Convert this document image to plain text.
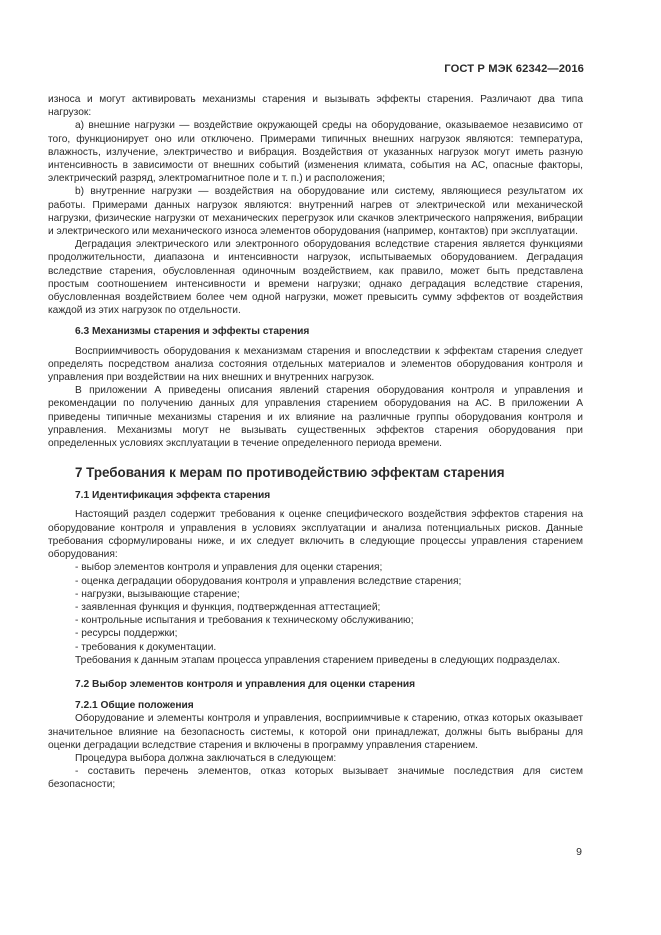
ГОСТ Р МЭК 62342—2016

износа и могут активировать механизмы старения и вызывать эффекты старения. Различают два типа нагрузок:

а) внешние нагрузки — воздействие окружающей среды на оборудование, оказываемое независимо от того, функционирует оно или отключено. Примерами типичных внешних нагрузок являются: температура, влажность, излучение, электричество и вибрация. Воздействия от указанных нагрузок могут иметь разную интенсивность в зависимости от внешних событий (изменения климата, события на АС, опасные факторы, электрический разряд, электромагнитное поле и т. п.) и расположения;

b) внутренние нагрузки — воздействия на оборудование или систему, являющиеся результатом их работы. Примерами данных нагрузок являются: внутренний нагрев от электрической или механической нагрузки, физические нагрузки от механических перегрузок или скачков электрического напряжения, вибрации и электрического или механического износа элементов оборудования (например, контактов) при эксплуатации.

Деградация электрического или электронного оборудования вследствие старения является функциями продолжительности, диапазона и интенсивности нагрузок, испытываемых оборудованием. Деградация вследствие старения, обусловленная одиночным воздействием, как правило, может быть представлена простым соотношением интенсивности и времени нагрузки; однако деградация вследствие старения, обусловленная воздействием более чем одной нагрузки, может превысить сумму эффектов от воздействия каждой из этих нагрузок по отдельности.

6.3 Механизмы старения и эффекты старения

Восприимчивость оборудования к механизмам старения и впоследствии к эффектам старения следует определять посредством анализа состояния отдельных материалов и элементов оборудования контроля и управления при воздействии на них внешних и внутренних нагрузок.

В приложении А приведены описания явлений старения оборудования контроля и управления и рекомендации по получению данных для управления старением оборудования на АС. В приложении А приведены типичные механизмы старения и их влияние на различные группы оборудования контроля и управления. Механизмы могут не вызывать существенных эффектов старения оборудования при определенных условиях эксплуатации в течение определенного периода времени.

7 Требования к мерам по противодействию эффектам старения

7.1 Идентификация эффекта старения

Настоящий раздел содержит требования к оценке специфического воздействия эффектов старения на оборудование контроля и управления в условиях эксплуатации и анализа потенциальных рисков. Данные требования сформулированы ниже, и их следует включить в следующие процессы управления старением оборудования:

- выбор элементов контроля и управления для оценки старения;

- оценка деградации оборудования контроля и управления вследствие старения;

- нагрузки, вызывающие старение;

- заявленная функция и функция, подтвержденная аттестацией;

- контрольные испытания и требования к техническому обслуживанию;

- ресурсы поддержки;

- требования к документации.

Требования к данным этапам процесса управления старением приведены в следующих подразделах.

7.2 Выбор элементов контроля и управления для оценки старения

7.2.1 Общие положения

Оборудование и элементы контроля и управления, восприимчивые к старению, отказ которых оказывает значительное влияние на безопасность системы, к которой они принадлежат, должны быть выбраны для оценки деградации вследствие старения и включены в программу управления старением.

Процедура выбора должна заключаться в следующем:

- составить перечень элементов, отказ которых вызывает значимые последствия для систем безопасности;

9
